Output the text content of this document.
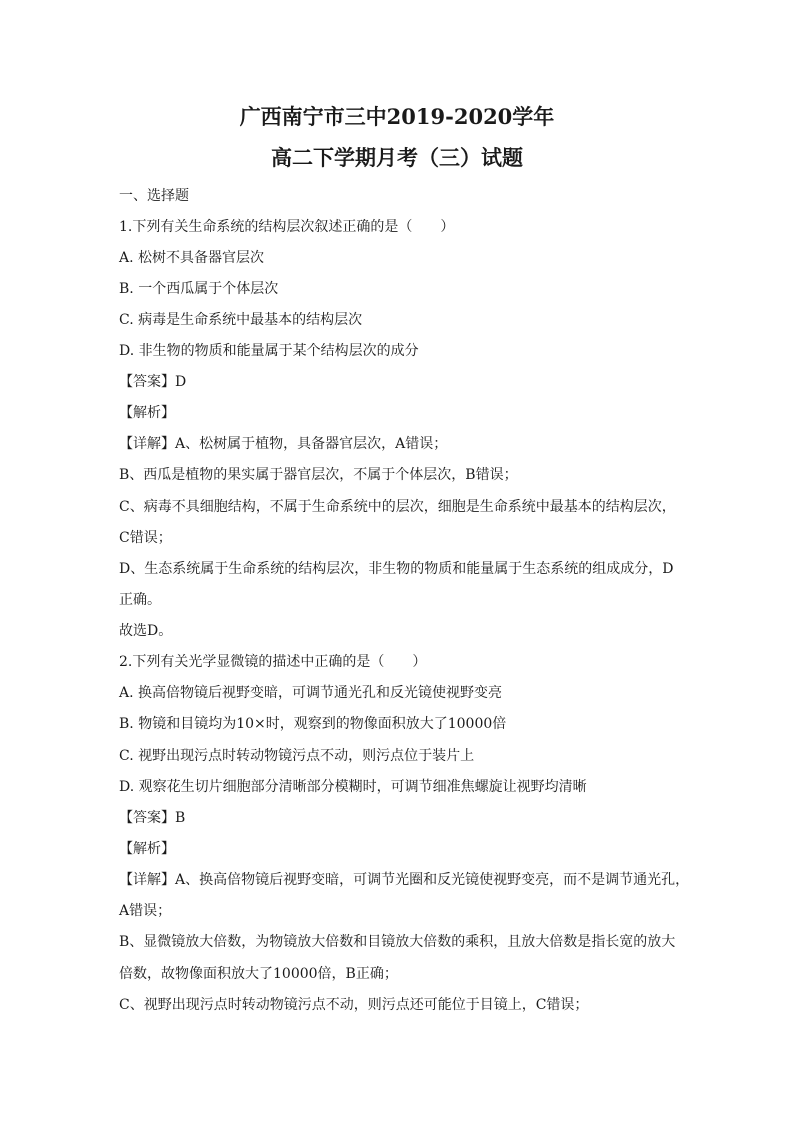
广西南宁市三中2019-2020学年
高二下学期月考（三）试题
一、选择题
1.下列有关生命系统的结构层次叙述正确的是（　　）
A. 松树不具备器官层次
B. 一个西瓜属于个体层次
C. 病毒是生命系统中最基本的结构层次
D. 非生物的物质和能量属于某个结构层次的成分
【答案】D
【解析】
【详解】A、松树属于植物，具备器官层次，A错误；
B、西瓜是植物的果实属于器官层次，不属于个体层次，B错误；
C、病毒不具细胞结构，不属于生命系统中的层次，细胞是生命系统中最基本的结构层次，
C错误；
D、生态系统属于生命系统的结构层次，非生物的物质和能量属于生态系统的组成成分，D
正确。
故选D。
2.下列有关光学显微镜的描述中正确的是（　　）
A. 换高倍物镜后视野变暗，可调节通光孔和反光镜使视野变亮
B. 物镜和目镜均为10×时，观察到的物像面积放大了10000倍
C. 视野出现污点时转动物镜污点不动，则污点位于装片上
D. 观察花生切片细胞部分清晰部分模糊时，可调节细准焦螺旋让视野均清晰
【答案】B
【解析】
【详解】A、换高倍物镜后视野变暗，可调节光圈和反光镜使视野变亮，而不是调节通光孔，
A错误；
B、显微镜放大倍数，为物镜放大倍数和目镜放大倍数的乘积，且放大倍数是指长宽的放大
倍数，故物像面积放大了10000倍，B正确；
C、视野出现污点时转动物镜污点不动，则污点还可能位于目镜上，C错误；
